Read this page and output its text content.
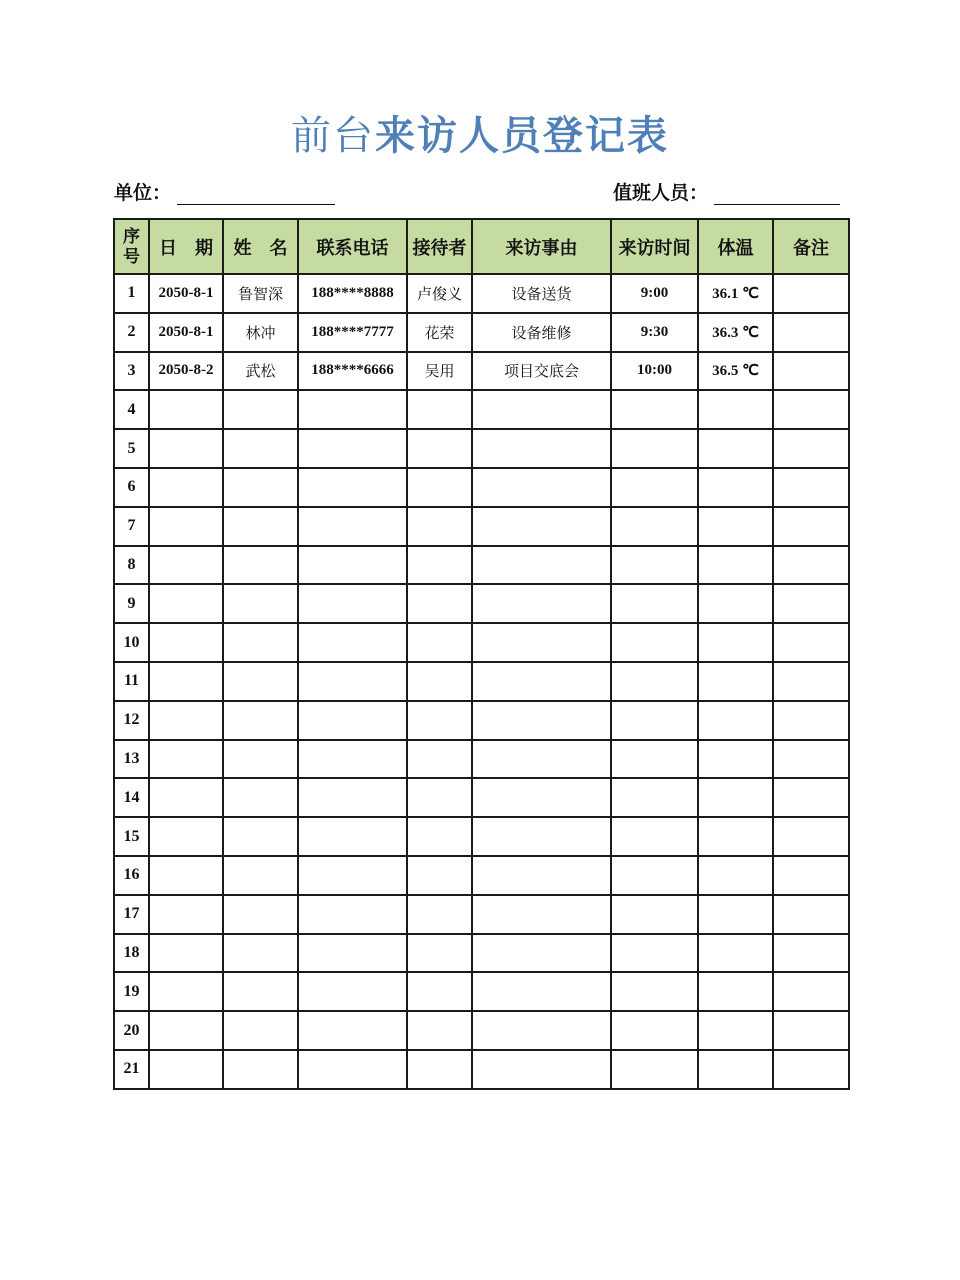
前台来访人员登记表
单位：	值班人员：
序号	日　期	姓　名	联系电话	接待者	来访事由	来访时间	体温	备注
1	2050-8-1	鲁智深	188****8888	卢俊义	设备送货	9:00	36.1 ℃	
2	2050-8-1	林冲	188****7777	花荣	设备维修	9:30	36.3 ℃	
3	2050-8-2	武松	188****6666	吴用	项目交底会	10:00	36.5 ℃	
4								
5								
6								
7								
8								
9								
10								
11								
12								
13								
14								
15								
16								
17								
18								
19								
20								
21								
